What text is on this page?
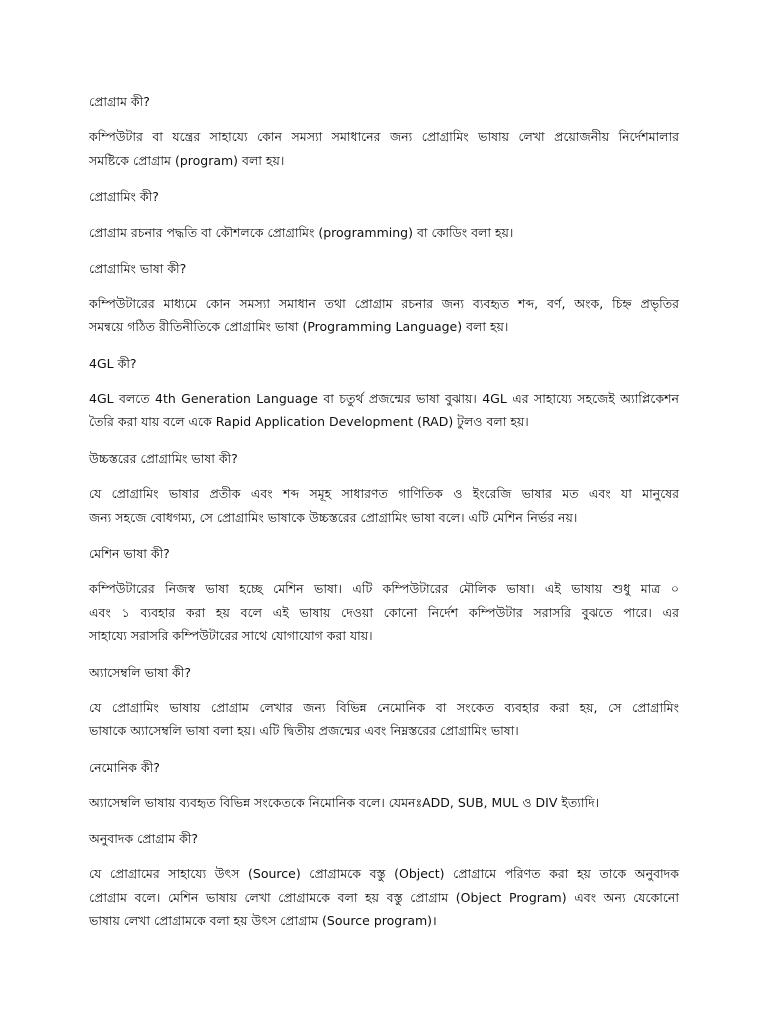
প্রোগ্রাম কী?

কম্পিউটার বা যন্ত্রের সাহায্যে কোন সমস্যা সমাধানের জন্য প্রোগ্রামিং ভাষায় লেখা প্রয়োজনীয় নির্দেশমালার

সমষ্টিকে প্রোগ্রাম (program) বলা হয়।

প্রোগ্রামিং কী?

প্রোগ্রাম রচনার পদ্ধতি বা কৌশলকে প্রোগ্রামিং (programming) বা কোডিং বলা হয়।

প্রোগ্রামিং ভাষা কী?

কম্পিউটারের মাধ্যমে কোন সমস্যা সমাধান তথা প্রোগ্রাম রচনার জন্য ব্যবহৃত শব্দ, বর্ণ, অংক, চিহ্ন প্রভৃতির

সমন্বয়ে গঠিত রীতিনীতিকে প্রোগ্রামিং ভাষা (Programming Language) বলা হয়।

4GL কী?

4GL বলতে 4th Generation Language বা চতুর্থ প্রজন্মের ভাষা বুঝায়। 4GL এর সাহায্যে সহজেই অ্যাপ্লিকেশন

তৈরি করা যায় বলে একে Rapid Application Development (RAD) টুলও বলা হয়।

উচ্চস্তরের প্রোগ্রামিং ভাষা কী?

যে প্রোগ্রামিং ভাষার প্রতীক এবং শব্দ সমূহ সাধারণত গাণিতিক ও ইংরেজি ভাষার মত এবং যা মানুষের

জন্য সহজে বোধগম্য, সে প্রোগ্রামিং ভাষাকে উচ্চস্তরের প্রোগ্রামিং ভাষা বলে। এটি মেশিন নির্ভর নয়।

মেশিন ভাষা কী?

কম্পিউটারের নিজস্ব ভাষা হচ্ছে মেশিন ভাষা। এটি কম্পিউটারের মৌলিক ভাষা। এই ভাষায় শুধু মাত্র ০

এবং ১ ব্যবহার করা হয় বলে এই ভাষায় দেওয়া কোনো নির্দেশ কম্পিউটার সরাসরি বুঝতে পারে। এর

সাহায্যে সরাসরি কম্পিউটারের সাথে যোগাযোগ করা যায়।

অ্যাসেম্বলি ভাষা কী?

যে প্রোগ্রামিং ভাষায় প্রোগ্রাম লেখার জন্য বিভিন্ন নেমোনিক বা সংকেত ব্যবহার করা হয়, সে প্রোগ্রামিং

ভাষাকে অ্যাসেম্বলি ভাষা বলা হয়। এটি দ্বিতীয় প্রজন্মের এবং নিম্নস্তরের প্রোগ্রামিং ভাষা।

নেমোনিক কী?

অ্যাসেম্বলি ভাষায় ব্যবহৃত বিভিন্ন সংকেতকে নিমোনিক বলে। যেমনঃADD, SUB, MUL ও DIV ইত্যাদি।

অনুবাদক প্রোগ্রাম কী?

যে প্রোগ্রামের সাহায্যে উৎস (Source) প্রোগ্রামকে বস্তু (Object) প্রোগ্রামে পরিণত করা হয় তাকে অনুবাদক

প্রোগ্রাম বলে। মেশিন ভাষায় লেখা প্রোগ্রামকে বলা হয় বস্তু প্রোগ্রাম (Object Program) এবং অন্য যেকোনো

ভাষায় লেখা প্রোগ্রামকে বলা হয় উৎস প্রোগ্রাম (Source program)।
